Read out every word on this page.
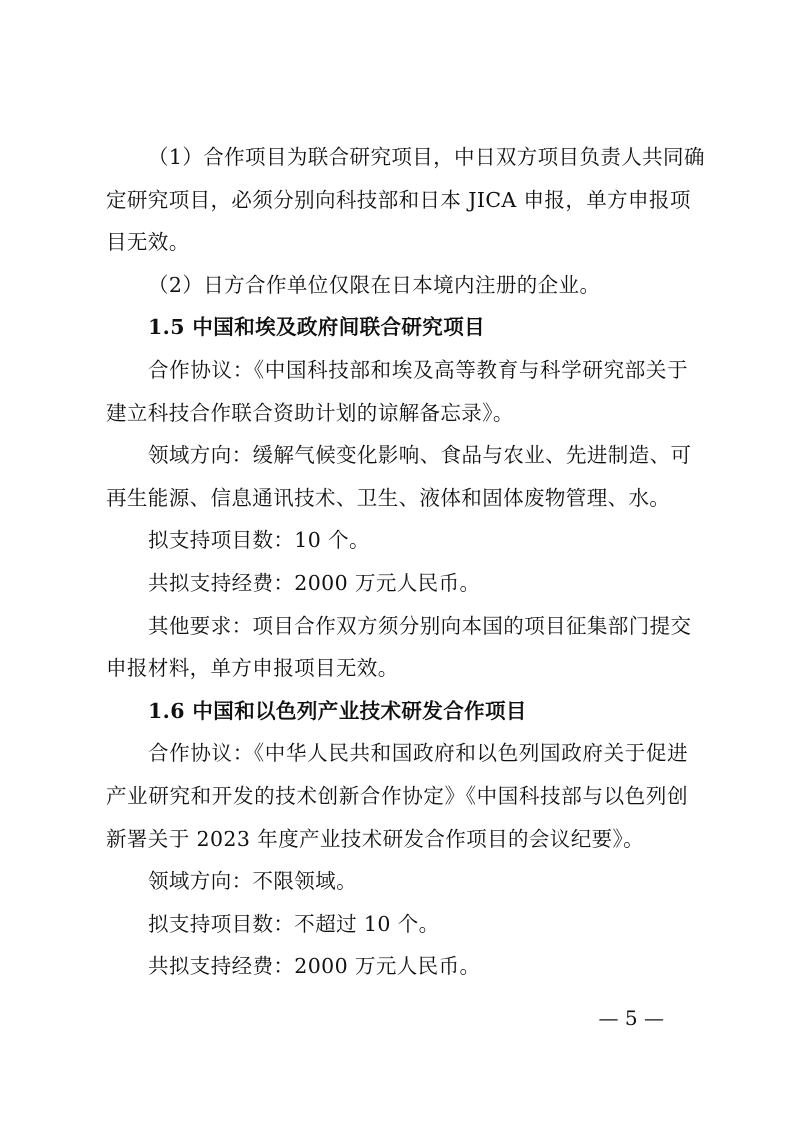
（1）合作项目为联合研究项目，中日双方项目负责人共同确
定研究项目，必须分别向科技部和日本 JICA 申报，单方申报项
目无效。
（2）日方合作单位仅限在日本境内注册的企业。
1.5 中国和埃及政府间联合研究项目
合作协议：《中国科技部和埃及高等教育与科学研究部关于
建立科技合作联合资助计划的谅解备忘录》。
领域方向：缓解气候变化影响、食品与农业、先进制造、可
再生能源、信息通讯技术、卫生、液体和固体废物管理、水。
拟支持项目数：10 个。
共拟支持经费：2000 万元人民币。
其他要求：项目合作双方须分别向本国的项目征集部门提交
申报材料，单方申报项目无效。
1.6 中国和以色列产业技术研发合作项目
合作协议：《中华人民共和国政府和以色列国政府关于促进
产业研究和开发的技术创新合作协定》《中国科技部与以色列创
新署关于 2023 年度产业技术研发合作项目的会议纪要》。
领域方向：不限领域。
拟支持项目数：不超过 10 个。
共拟支持经费：2000 万元人民币。
— 5 —
